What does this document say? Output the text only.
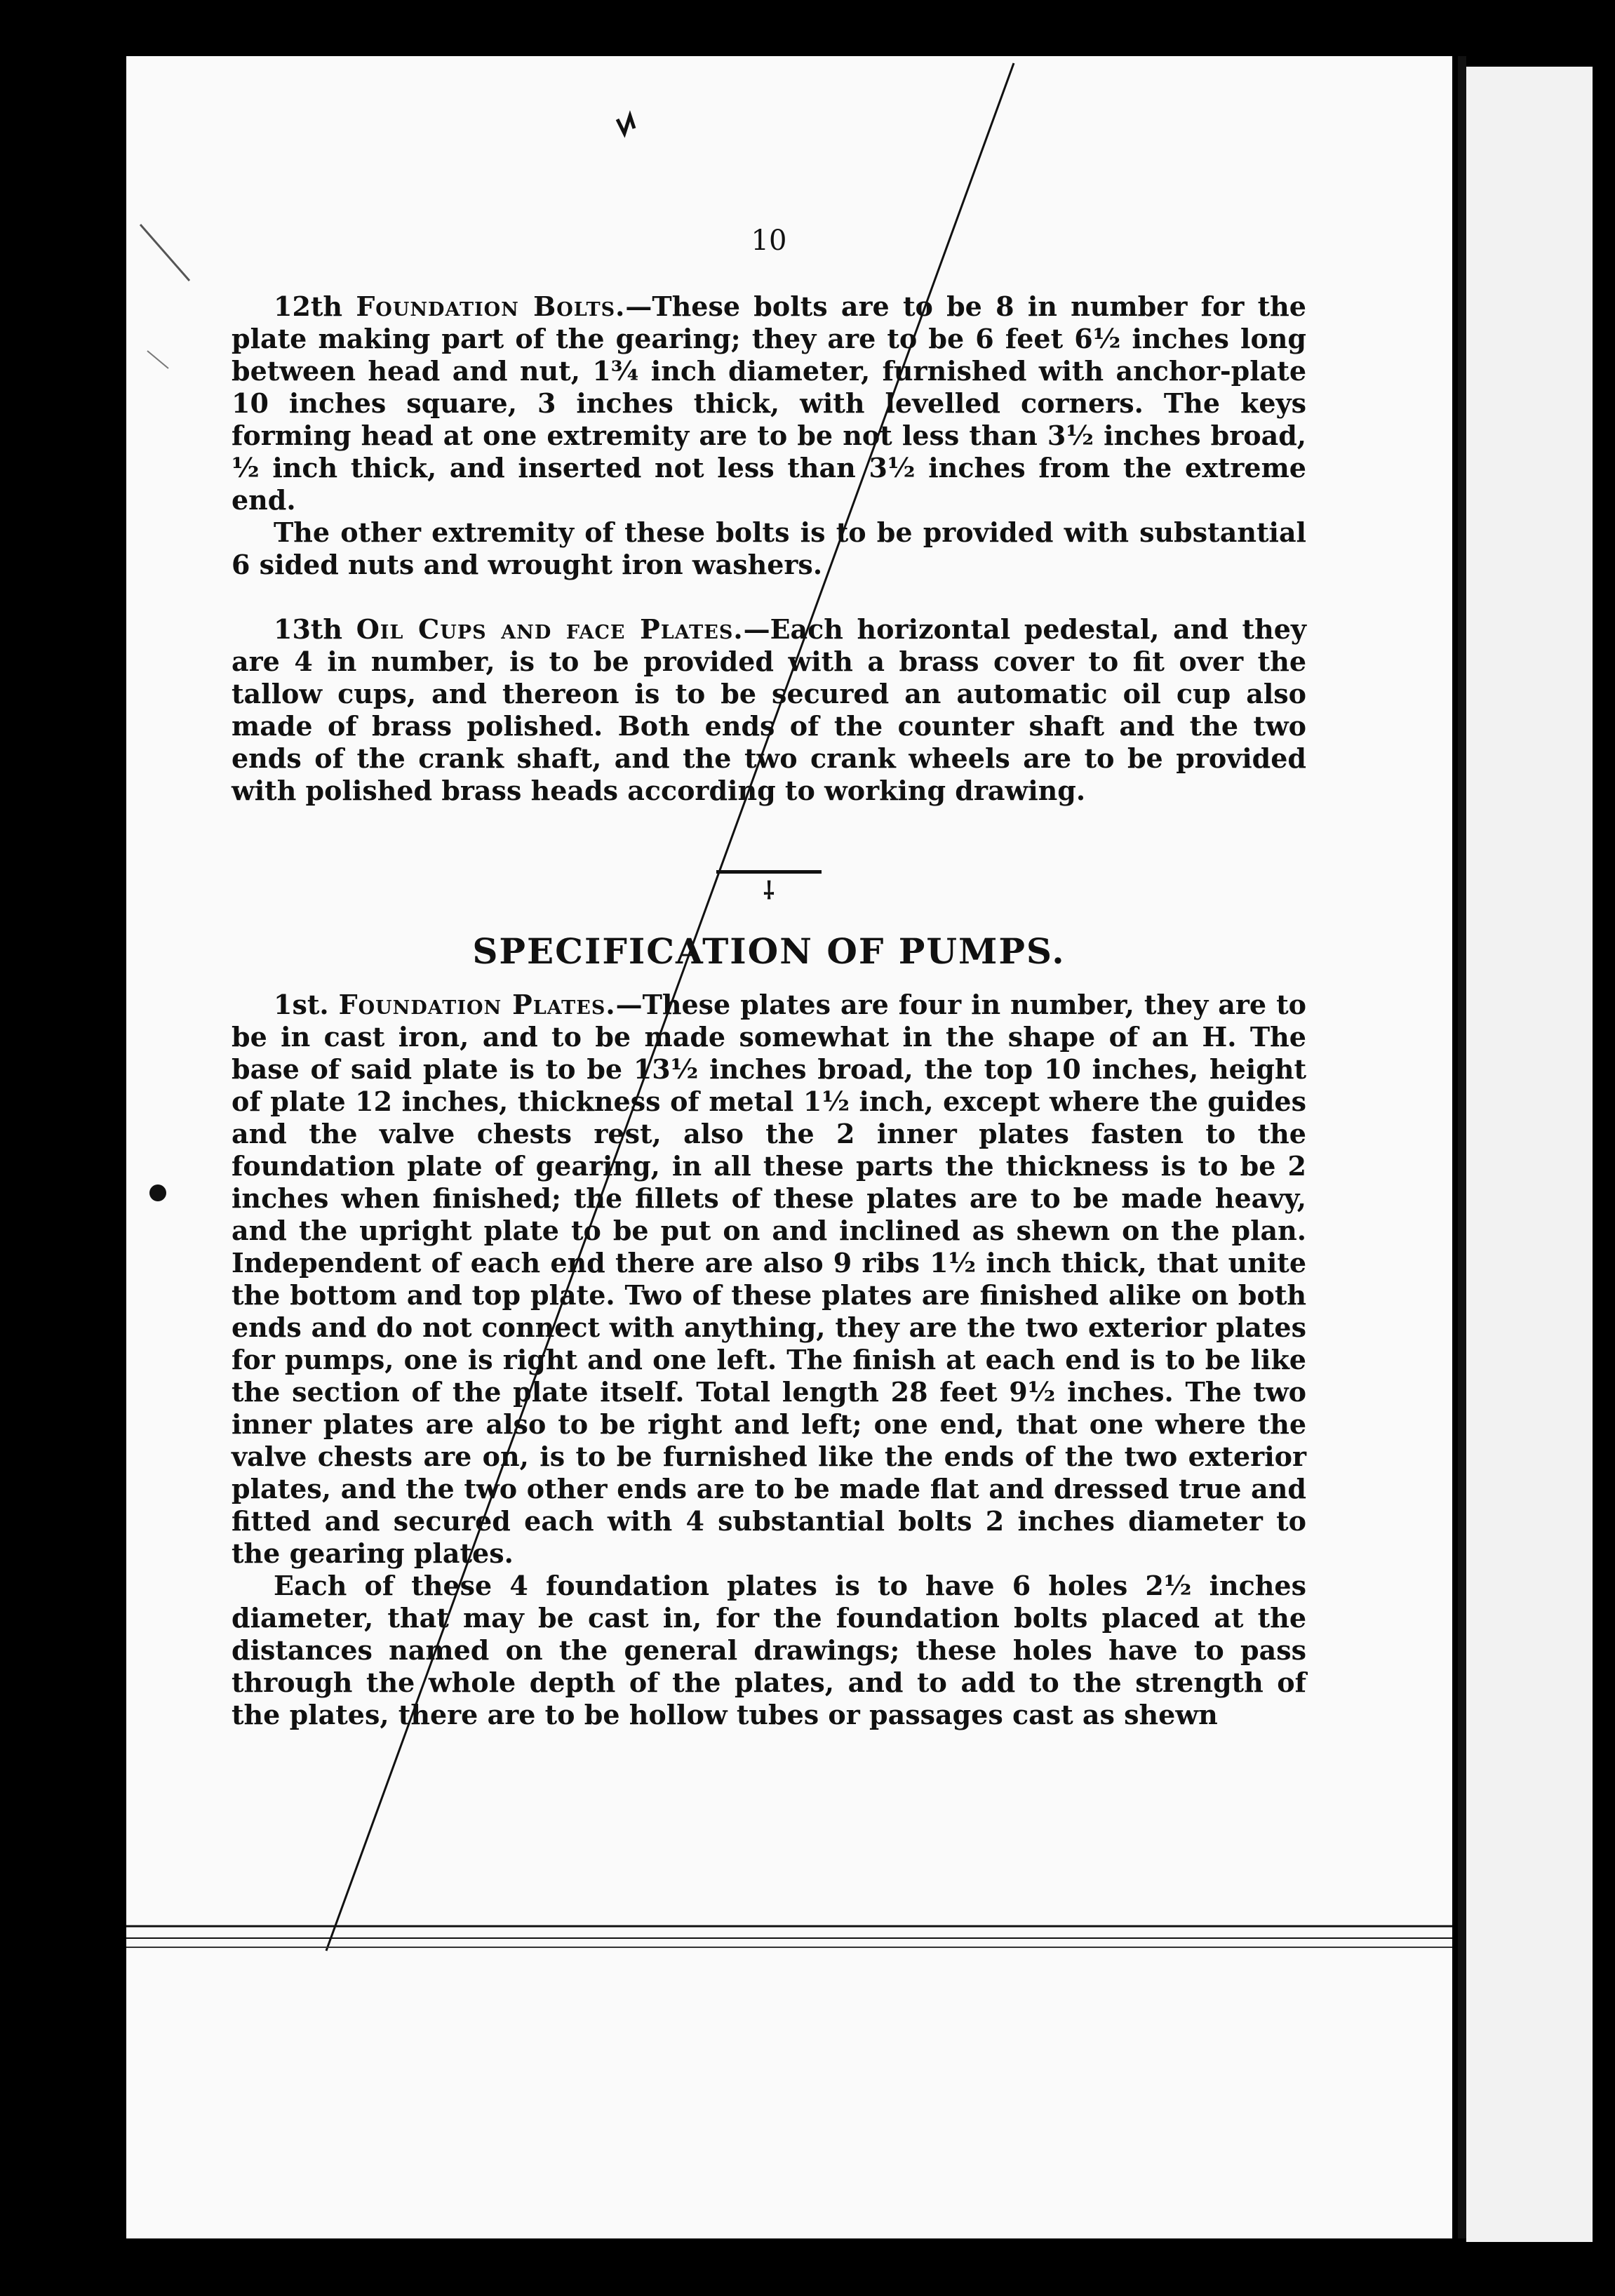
10

12th Foundation Bolts.—These bolts are to be 8 in number for the plate making part of the gearing; they are to be 6 feet 6½ inches long between head and nut, 1¾ inch diameter, furnished with anchor-plate 10 inches square, 3 inches thick, with levelled corners. The keys forming head at one extremity are to be not less than 3½ inches broad, ½ inch thick, and inserted not less than 3½ inches from the extreme end.

The other extremity of these bolts is to be provided with substantial 6 sided nuts and wrought iron washers.

13th Oil Cups and face Plates.—Each horizontal pedestal, and they are 4 in number, is to be provided with a brass cover to fit over the tallow cups, and thereon is to be secured an automatic oil cup also made of brass polished. Both ends of the counter shaft and the two ends of the crank shaft, and the two crank wheels are to be provided with polished brass heads according to working drawing.

⸸
SPECIFICATION OF PUMPS.

1st. Foundation Plates.—These plates are four in number, they are to be in cast iron, and to be made somewhat in the shape of an H. The base of said plate is to be 13½ inches broad, the top 10 inches, height of plate 12 inches, thickness of metal 1½ inch, except where the guides and the valve chests rest, also the 2 inner plates fasten to the foundation plate of gearing, in all these parts the thickness is to be 2 inches when finished; the fillets of these plates are to be made heavy, and the upright plate to be put on and inclined as shewn on the plan. Independent of each end there are also 9 ribs 1½ inch thick, that unite the bottom and top plate. Two of these plates are finished alike on both ends and do not connect with anything, they are the two exterior plates for pumps, one is right and one left. The finish at each end is to be like the section of the plate itself. Total length 28 feet 9½ inches. The two inner plates are also to be right and left; one end, that one where the valve chests are on, is to be furnished like the ends of the two exterior plates, and the two other ends are to be made flat and dressed true and fitted and secured each with 4 substantial bolts 2 inches diameter to the gearing plates.

Each of these 4 foundation plates is to have 6 holes 2½ inches diameter, that may be cast in, for the foundation bolts placed at the distances named on the general drawings; these holes have to pass through the whole depth of the plates, and to add to the strength of the plates, there are to be hollow tubes or passages cast as shewn
